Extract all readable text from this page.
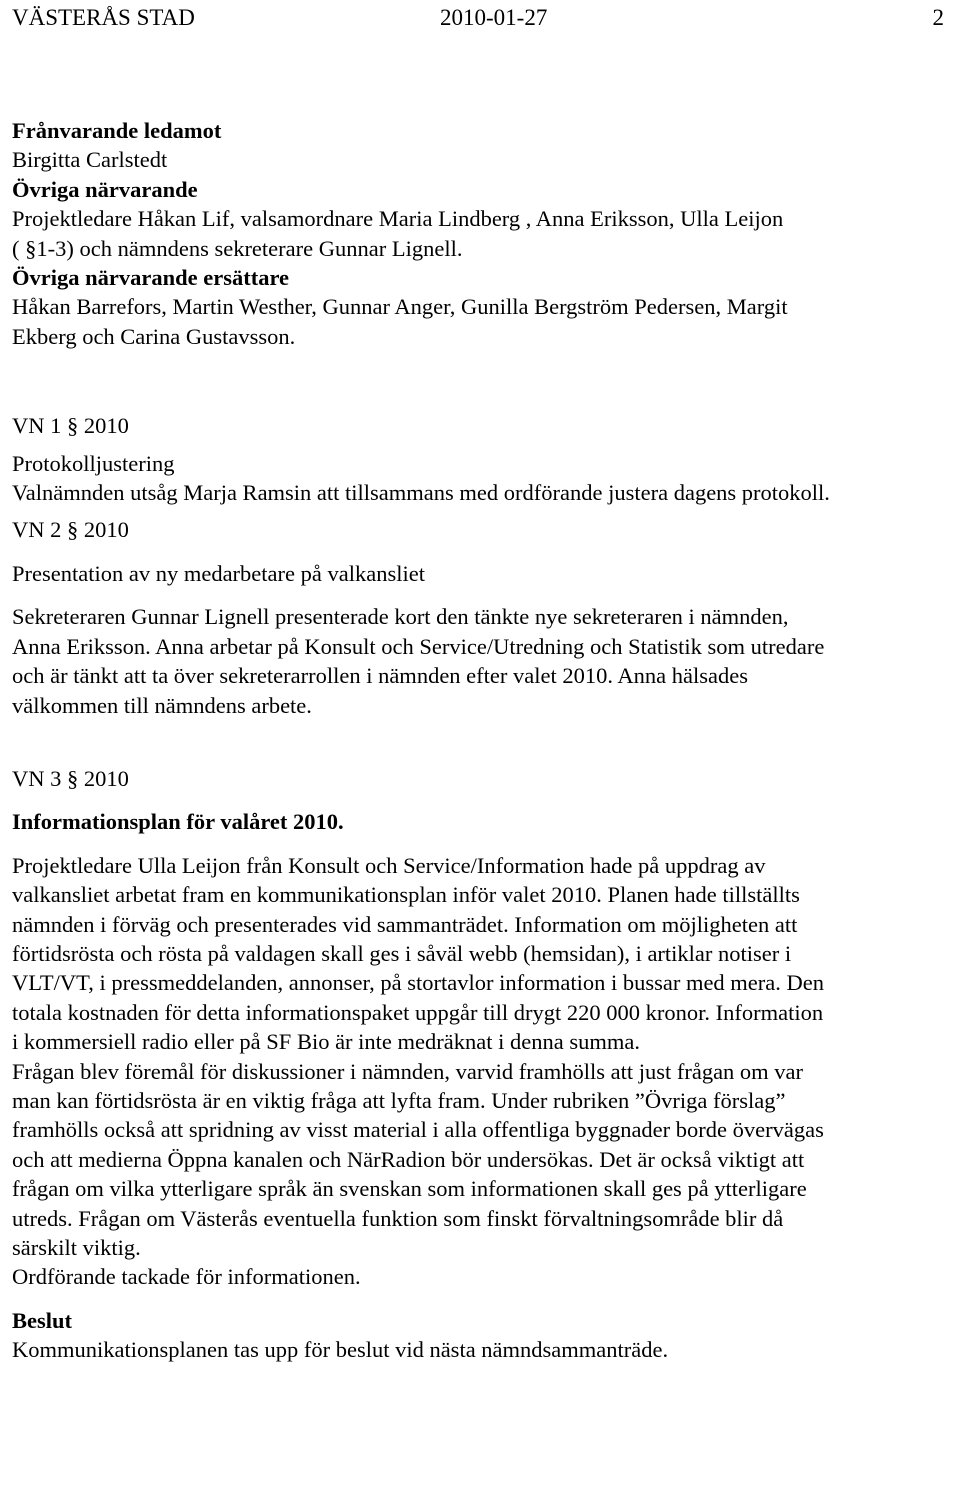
VÄSTERÅS STAD	2010-01-27	2
Frånvarande ledamot
Birgitta Carlstedt
Övriga närvarande
Projektledare Håkan Lif, valsamordnare Maria Lindberg , Anna Eriksson, Ulla Leijon
( §1-3) och nämndens sekreterare Gunnar Lignell.
Övriga närvarande ersättare
Håkan Barrefors, Martin Westher, Gunnar Anger, Gunilla Bergström Pedersen, Margit
Ekberg och Carina Gustavsson.
VN 1 § 2010
Protokolljustering
Valnämnden utsåg Marja Ramsin att tillsammans med ordförande justera dagens protokoll.
VN 2 § 2010
Presentation av ny medarbetare på valkansliet
Sekreteraren Gunnar Lignell presenterade kort den tänkte nye sekreteraren i nämnden,
Anna Eriksson. Anna arbetar på Konsult och Service/Utredning och Statistik som utredare
och är tänkt att ta över sekreterarrollen i nämnden efter valet 2010. Anna hälsades
välkommen till nämndens arbete.
VN 3 § 2010
Informationsplan för valåret 2010.
Projektledare Ulla Leijon från Konsult och Service/Information hade på uppdrag av
valkansliet arbetat fram en kommunikationsplan inför valet 2010. Planen hade tillställts
nämnden i förväg och presenterades vid sammanträdet. Information om möjligheten att
förtidsrösta och rösta på valdagen skall ges i såväl webb (hemsidan), i artiklar notiser i
VLT/VT, i pressmeddelanden, annonser, på stortavlor information i bussar med mera. Den
totala kostnaden för detta informationspaket uppgår till drygt 220 000 kronor. Information
i kommersiell radio eller på SF Bio är inte medräknat i denna summa.
Frågan blev föremål för diskussioner i nämnden, varvid framhölls att just frågan om var
man kan förtidsrösta är en viktig fråga att lyfta fram. Under rubriken ”Övriga förslag”
framhölls också att spridning av visst material i alla offentliga byggnader borde övervägas
och att medierna Öppna kanalen och NärRadion bör undersökas. Det är också viktigt att
frågan om vilka ytterligare språk än svenskan som informationen skall ges på ytterligare
utreds. Frågan om Västerås eventuella funktion som finskt förvaltningsområde blir då
särskilt viktig.
Ordförande tackade för informationen.
Beslut
Kommunikationsplanen tas upp för beslut vid nästa nämndsammanträde.
